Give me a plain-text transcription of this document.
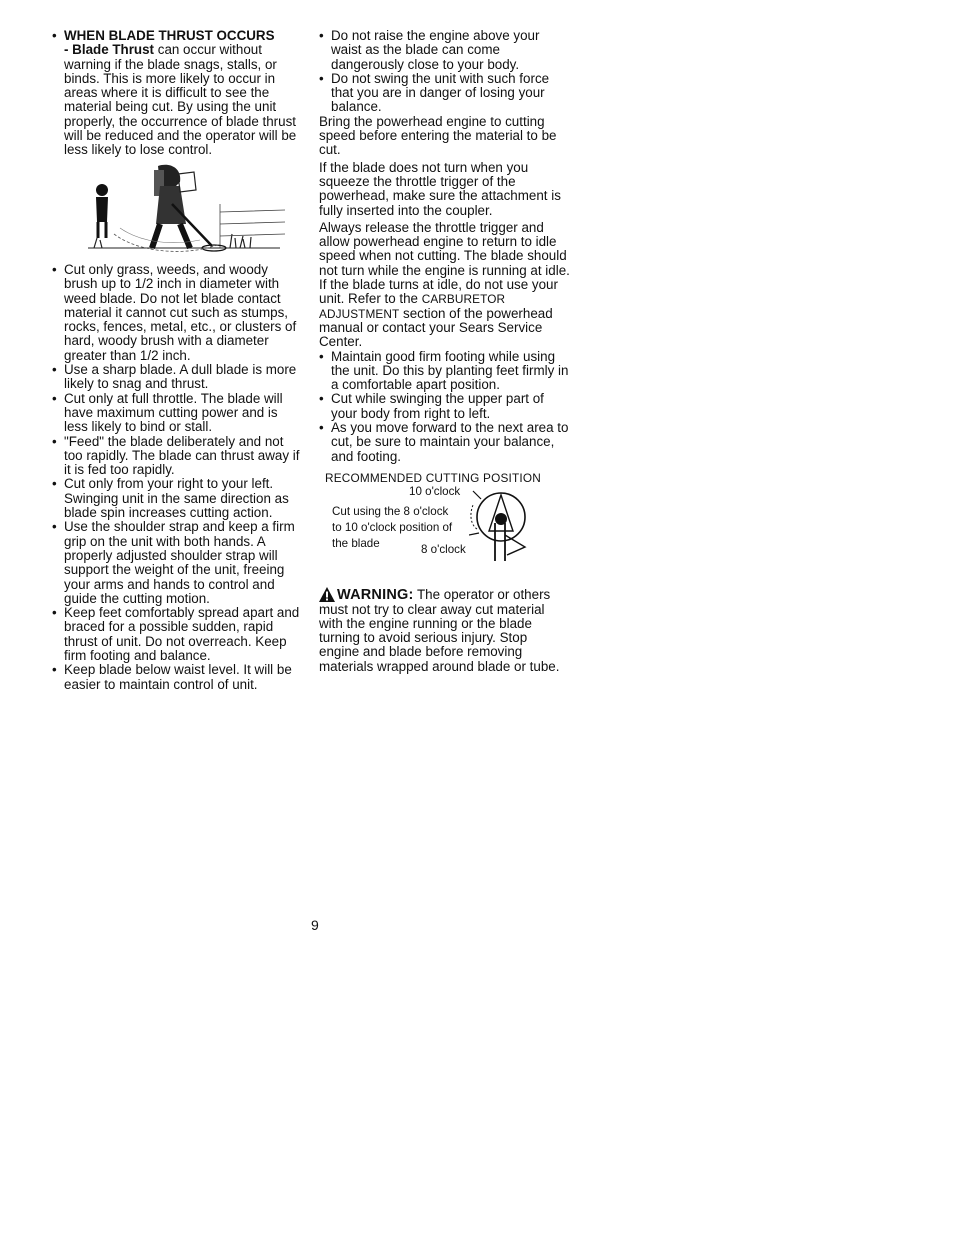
• WHEN BLADE THRUST OCCURS
- Blade Thrust can occur without warning if the blade snags, stalls, or binds. This is more likely to occur in areas where it is difficult to see the material being cut. By using the unit properly, the occurrence of blade thrust will be reduced and the operator will be less likely to lose control.

• Cut only grass, weeds, and woody brush up to 1/2 inch in diameter with weed blade. Do not let blade contact material it cannot cut such as stumps, rocks, fences, metal, etc., or clusters of hard, woody brush with a diameter greater than 1/2 inch.

• Use a sharp blade. A dull blade is more likely to snag and thrust.

• Cut only at full throttle. The blade will have maximum cutting power and is less likely to bind or stall.

• "Feed" the blade deliberately and not too rapidly. The blade can thrust away if it is fed too rapidly.

• Cut only from your right to your left. Swinging unit in the same direction as blade spin increases cutting action.

• Use the shoulder strap and keep a firm grip on the unit with both hands. A properly adjusted shoulder strap will support the weight of the unit, freeing your arms and hands to control and guide the cutting motion.

• Keep feet comfortably spread apart and braced for a possible sudden, rapid thrust of unit. Do not overreach. Keep firm footing and balance.

• Keep blade below waist level. It will be easier to maintain control of unit.

• Do not raise the engine above your waist as the blade can come dangerously close to your body.

• Do not swing the unit with such force that you are in danger of losing your balance.

Bring the powerhead engine to cutting speed before entering the material to be cut.

If the blade does not turn when you squeeze the throttle trigger of the powerhead, make sure the attachment is fully inserted into the coupler.

Always release the throttle trigger and allow powerhead engine to return to idle speed when not cutting. The blade should not turn while the engine is running at idle. If the blade turns at idle, do not use your unit. Refer to the CARBURETOR ADJUSTMENT section of the powerhead manual or contact your Sears Service Center.

• Maintain good firm footing while using the unit. Do this by planting feet firmly in a comfortable apart position.

• Cut while swinging the upper part of your body from right to left.

• As you move forward to the next area to cut, be sure to maintain your balance, and footing.

RECOMMENDED CUTTING POSITION

10 o'clock
Cut using the 8 o'clock
to 10 o'clock position of
the blade	8 o'clock

WARNING: The operator or others must not try to clear away cut material with the engine running or the blade turning to avoid serious injury. Stop engine and blade before removing materials wrapped around blade or tube.

9
